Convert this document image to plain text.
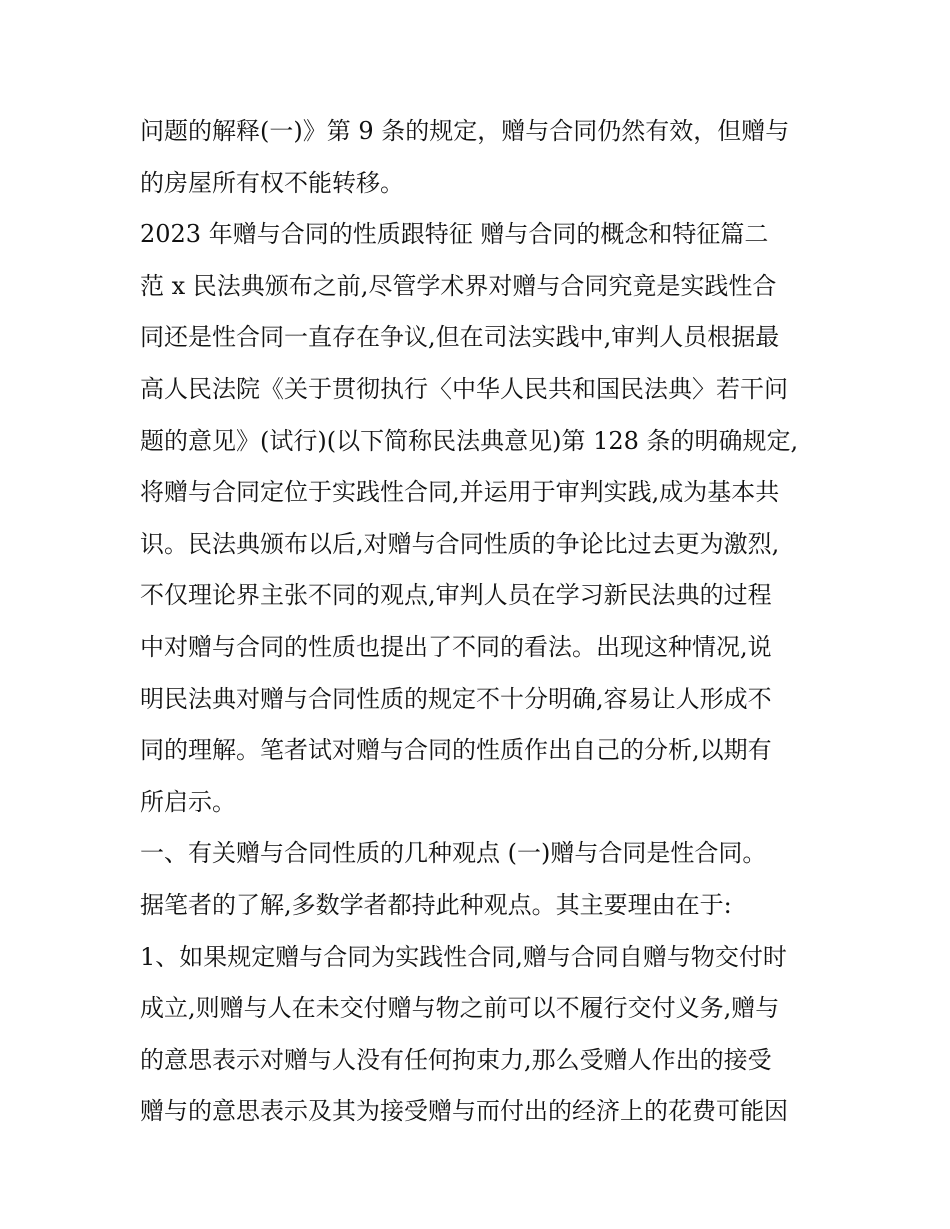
问题的解释(一)》第 9 条的规定，赠与合同仍然有效，但赠与
的房屋所有权不能转移。
2023 年赠与合同的性质跟特征 赠与合同的概念和特征篇二
范 x 民法典颁布之前,尽管学术界对赠与合同究竟是实践性合
同还是性合同一直存在争议,但在司法实践中,审判人员根据最
高人民法院《关于贯彻执行〈中华人民共和国民法典〉若干问
题的意见》(试行)(以下简称民法典意见)第 128 条的明确规定,
将赠与合同定位于实践性合同,并运用于审判实践,成为基本共
识。民法典颁布以后,对赠与合同性质的争论比过去更为激烈,
不仅理论界主张不同的观点,审判人员在学习新民法典的过程
中对赠与合同的性质也提出了不同的看法。出现这种情况,说
明民法典对赠与合同性质的规定不十分明确,容易让人形成不
同的理解。笔者试对赠与合同的性质作出自己的分析,以期有
所启示。
一、有关赠与合同性质的几种观点 (一)赠与合同是性合同。
据笔者的了解,多数学者都持此种观点。其主要理由在于:
1、如果规定赠与合同为实践性合同,赠与合同自赠与物交付时
成立,则赠与人在未交付赠与物之前可以不履行交付义务,赠与
的意思表示对赠与人没有任何拘束力,那么受赠人作出的接受
赠与的意思表示及其为接受赠与而付出的经济上的花费可能因
